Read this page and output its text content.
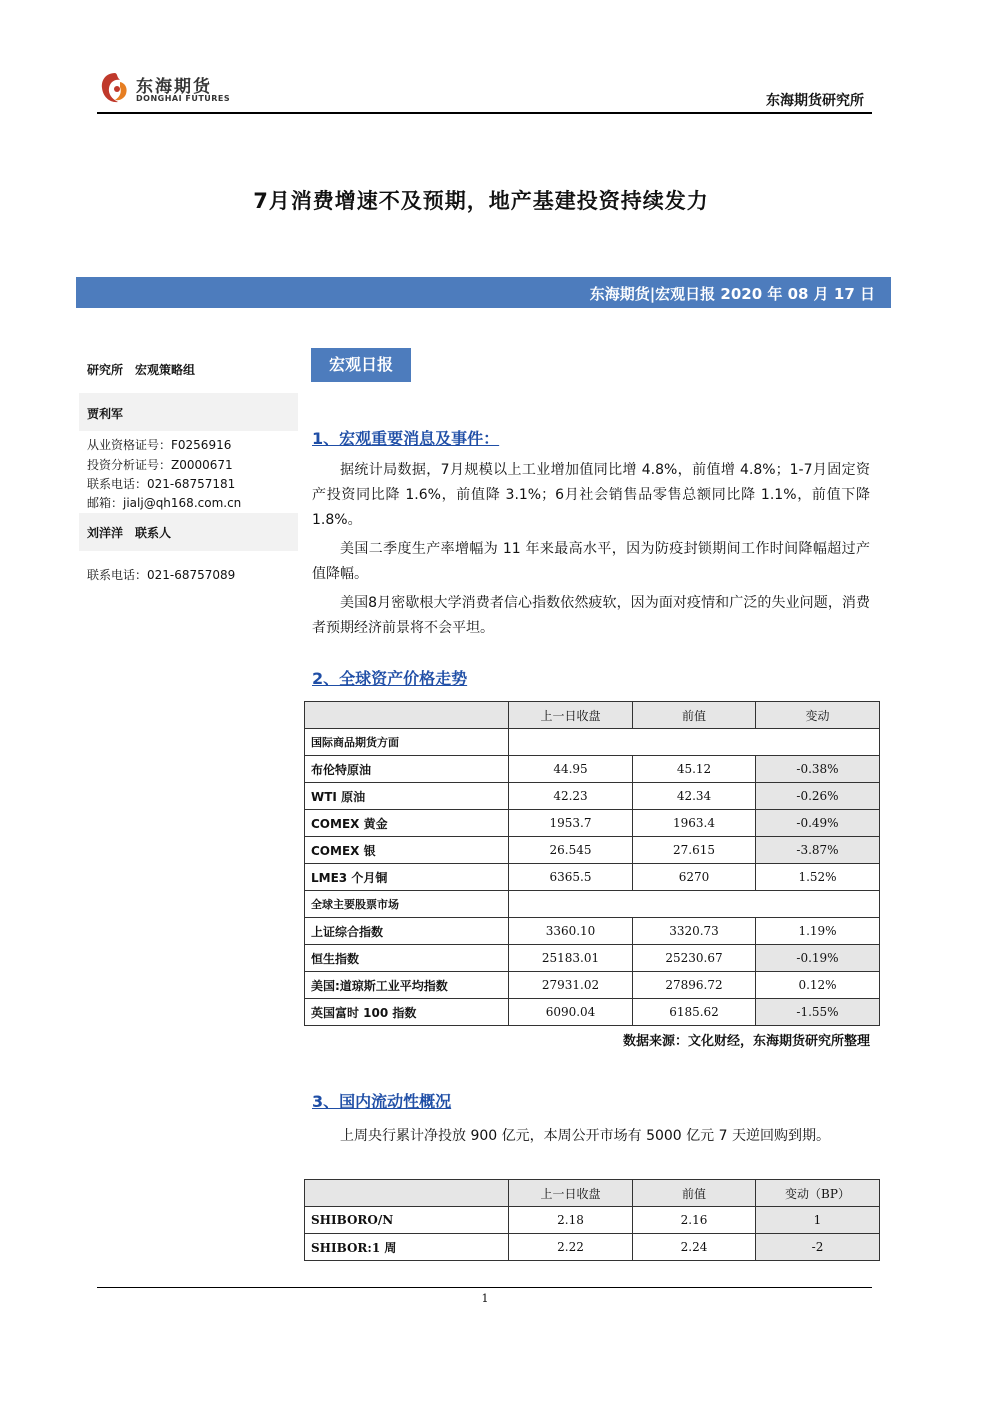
东海期货
DONGHAI FUTURES	东海期货研究所
7月消费增速不及预期，地产基建投资持续发力
东海期货|宏观日报 2020 年 08 月 17 日
研究所　宏观策略组
贾利军
从业资格证号：F0256916
投资分析证号：Z0000671
联系电话：021-68757181
邮箱：jialj@qh168.com.cn
刘洋洋　联系人
联系电话：021-68757089
宏观日报
1、宏观重要消息及事件：
据统计局数据，7月规模以上工业增加值同比增 4.8%，前值增 4.8%；1-7月固定资产投资同比降 1.6%，前值降 3.1%；6月社会销售品零售总额同比降 1.1%，前值下降 1.8%。
美国二季度生产率增幅为 11 年来最高水平，因为防疫封锁期间工作时间降幅超过产值降幅。
美国8月密歇根大学消费者信心指数依然疲软，因为面对疫情和广泛的失业问题，消费者预期经济前景将不会平坦。
2、全球资产价格走势
	上一日收盘	前值	变动
国际商品期货方面			
布伦特原油	44.95	45.12	-0.38%
WTI 原油	42.23	42.34	-0.26%
COMEX 黄金	1953.7	1963.4	-0.49%
COMEX 银	26.545	27.615	-3.87%
LME3 个月铜	6365.5	6270	1.52%
全球主要股票市场			
上证综合指数	3360.10	3320.73	1.19%
恒生指数	25183.01	25230.67	-0.19%
美国:道琼斯工业平均指数	27931.02	27896.72	0.12%
英国富时 100 指数	6090.04	6185.62	-1.55%
数据来源：文化财经，东海期货研究所整理
3、国内流动性概况
上周央行累计净投放 900 亿元，本周公开市场有 5000 亿元 7 天逆回购到期。
	上一日收盘	前值	变动（BP）
SHIBORO/N	2.18	2.16	1
SHIBOR:1 周	2.22	2.24	-2
1
